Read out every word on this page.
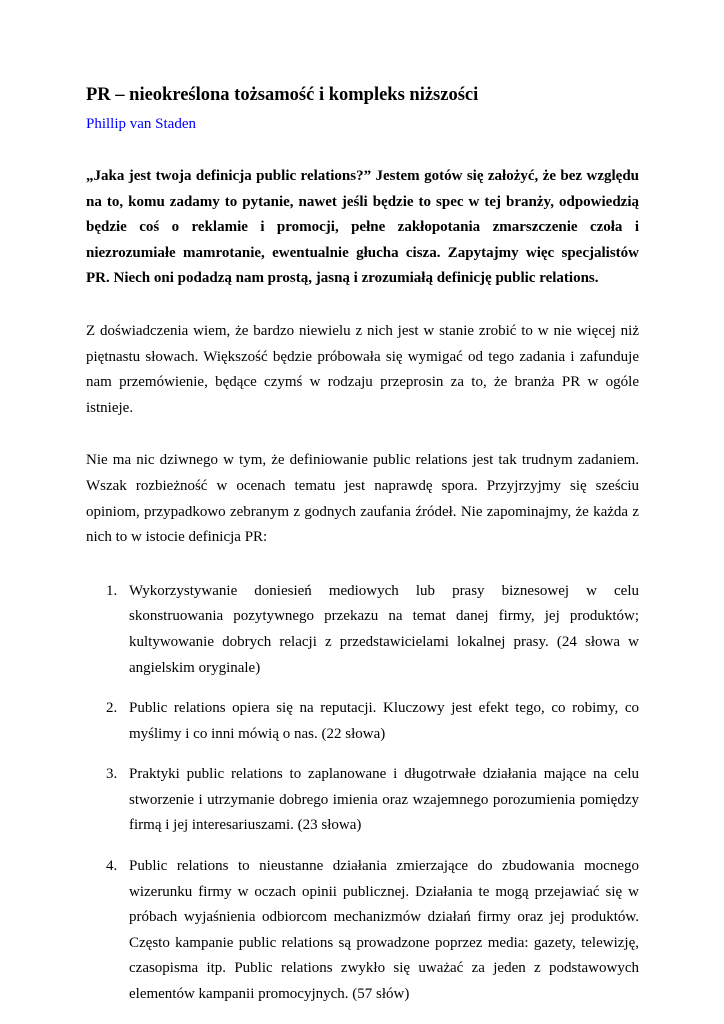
PR – nieokreślona tożsamość i kompleks niższości

Phillip van Staden

„Jaka jest twoja definicja public relations?” Jestem gotów się założyć, że bez względu na to, komu zadamy to pytanie, nawet jeśli będzie to spec w tej branży, odpowiedzią będzie coś o reklamie i promocji, pełne zakłopotania zmarszczenie czoła i niezrozumiałe mamrotanie, ewentualnie głucha cisza. Zapytajmy więc specjalistów PR. Niech oni podadzą nam prostą, jasną i zrozumiałą definicję public relations.

Z doświadczenia wiem, że bardzo niewielu z nich jest w stanie zrobić to w nie więcej niż piętnastu słowach. Większość będzie próbowała się wymigać od tego zadania i zafunduje nam przemówienie, będące czymś w rodzaju przeprosin za to, że branża PR w ogóle istnieje.

Nie ma nic dziwnego w tym, że definiowanie public relations jest tak trudnym zadaniem. Wszak rozbieżność w ocenach tematu jest naprawdę spora. Przyjrzyjmy się sześciu opiniom, przypadkowo zebranym z godnych zaufania źródeł. Nie zapominajmy, że każda z nich to w istocie definicja PR:

1. Wykorzystywanie doniesień mediowych lub prasy biznesowej w celu skonstruowania pozytywnego przekazu na temat danej firmy, jej produktów; kultywowanie dobrych relacji z przedstawicielami lokalnej prasy. (24 słowa w angielskim oryginale)

2. Public relations opiera się na reputacji. Kluczowy jest efekt tego, co robimy, co myślimy i co inni mówią o nas. (22 słowa)

3. Praktyki public relations to zaplanowane i długotrwałe działania mające na celu stworzenie i utrzymanie dobrego imienia oraz wzajemnego porozumienia pomiędzy firmą i jej interesariuszami. (23 słowa)

4. Public relations to nieustanne działania zmierzające do zbudowania mocnego wizerunku firmy w oczach opinii publicznej. Działania te mogą przejawiać się w próbach wyjaśnienia odbiorcom mechanizmów działań firmy oraz jej produktów. Często kampanie public relations są prowadzone poprzez media: gazety, telewizję, czasopisma itp. Public relations zwykło się uważać za jeden z podstawowych elementów kampanii promocyjnych. (57 słów)
